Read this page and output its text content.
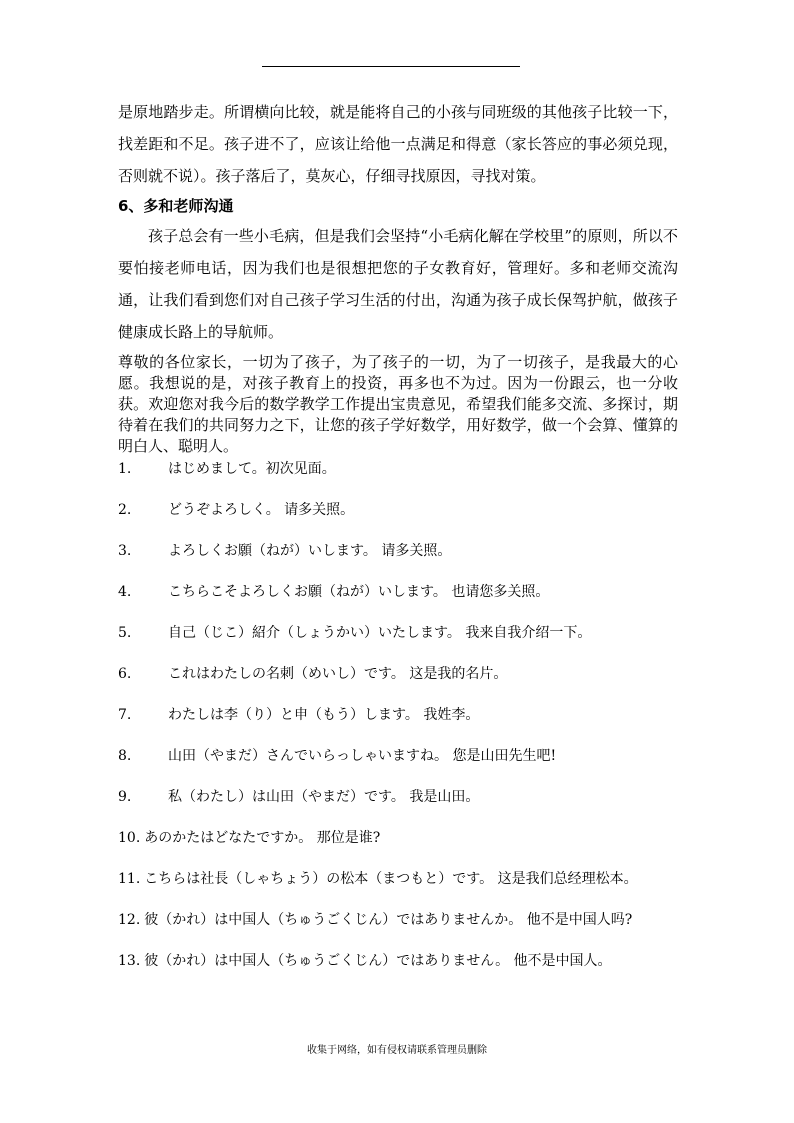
是原地踏步走。所谓横向比较，就是能将自己的小孩与同班级的其他孩子比较一下，找差距和不足。孩子进不了，应该让给他一点满足和得意（家长答应的事必须兑现，否则就不说）。孩子落后了，莫灰心，仔细寻找原因，寻找对策。

6、多和老师沟通

孩子总会有一些小毛病，但是我们会坚持“小毛病化解在学校里”的原则，所以不要怕接老师电话，因为我们也是很想把您的子女教育好，管理好。多和老师交流沟通，让我们看到您们对自己孩子学习生活的付出，沟通为孩子成长保驾护航，做孩子健康成长路上的导航师。

尊敬的各位家长，一切为了孩子，为了孩子的一切，为了一切孩子，是我最大的心愿。我想说的是，对孩子教育上的投资，再多也不为过。因为一份跟云，也一分收获。欢迎您对我今后的数学教学工作提出宝贵意见，希望我们能多交流、多探讨，期待着在我们的共同努力之下，让您的孩子学好数学，用好数学，做一个会算、懂算的明白人、聪明人。

1.	はじめまして。初次见面。

2.	どうぞよろしく。 请多关照。

3.	よろしくお願（ねが）いします。 请多关照。

4.	こちらこそよろしくお願（ねが）いします。 也请您多关照。

5.	自己（じこ）紹介（しょうかい）いたします。 我来自我介绍一下。

6.	これはわたしの名刺（めいし）です。 这是我的名片。

7.	わたしは李（り）と申（もう）します。 我姓李。

8.	山田（やまだ）さんでいらっしゃいますね。 您是山田先生吧!

9.	私（わたし）は山田（やまだ）です。 我是山田。

10. あのかたはどなたですか。 那位是谁?

11. こちらは社長（しゃちょう）の松本（まつもと）です。 这是我们总经理松本。

12. 彼（かれ）は中国人（ちゅうごくじん）ではありませんか。 他不是中国人吗?

13. 彼（かれ）は中国人（ちゅうごくじん）ではありません。 他不是中国人。

收集于网络，如有侵权请联系管理员删除
